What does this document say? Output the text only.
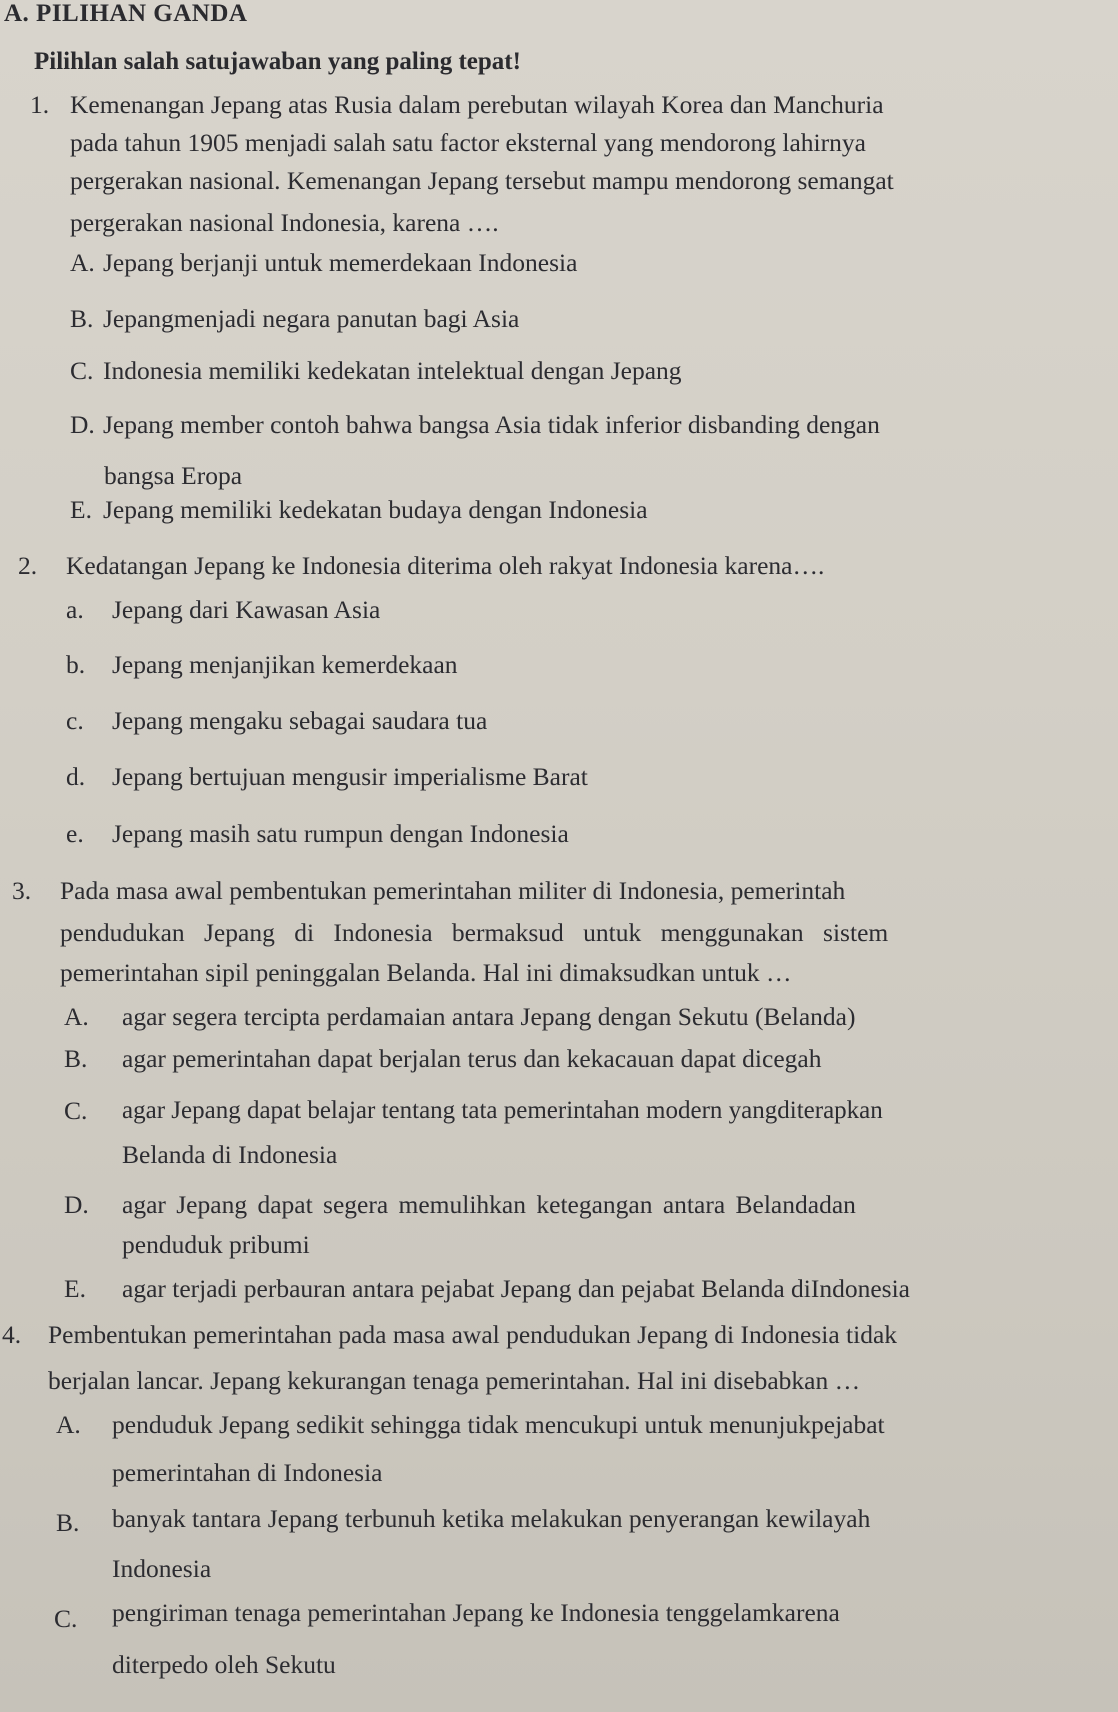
A. PILIHAN GANDA
Pilihlan salah satujawaban yang paling tepat!
1. Kemenangan Jepang atas Rusia dalam perebutan wilayah Korea dan Manchuria
pada tahun 1905 menjadi salah satu factor eksternal yang mendorong lahirnya
pergerakan nasional. Kemenangan Jepang tersebut mampu mendorong semangat
pergerakan nasional Indonesia, karena ….
A. Jepang berjanji untuk memerdekaan Indonesia
B. Jepangmenjadi negara panutan bagi Asia
C. Indonesia memiliki kedekatan intelektual dengan Jepang
D. Jepang member contoh bahwa bangsa Asia tidak inferior disbanding dengan
bangsa Eropa
E. Jepang memiliki kedekatan budaya dengan Indonesia
2. Kedatangan Jepang ke Indonesia diterima oleh rakyat Indonesia karena….
a. Jepang dari Kawasan Asia
b. Jepang menjanjikan kemerdekaan
c. Jepang mengaku sebagai saudara tua
d. Jepang bertujuan mengusir imperialisme Barat
e. Jepang masih satu rumpun dengan Indonesia
3. Pada masa awal pembentukan pemerintahan militer di Indonesia, pemerintah
pendudukan Jepang di Indonesia bermaksud untuk menggunakan sistem
pemerintahan sipil peninggalan Belanda. Hal ini dimaksudkan untuk …
A. agar segera tercipta perdamaian antara Jepang dengan Sekutu (Belanda)
B. agar pemerintahan dapat berjalan terus dan kekacauan dapat dicegah
C. agar Jepang dapat belajar tentang tata pemerintahan modern yangditerapkan
Belanda di Indonesia
D. agar Jepang dapat segera memulihkan ketegangan antara Belandadan
penduduk pribumi
E. agar terjadi perbauran antara pejabat Jepang dan pejabat Belanda diIndonesia
4. Pembentukan pemerintahan pada masa awal pendudukan Jepang di Indonesia tidak
berjalan lancar. Jepang kekurangan tenaga pemerintahan. Hal ini disebabkan …
A. penduduk Jepang sedikit sehingga tidak mencukupi untuk menunjukpejabat
pemerintahan di Indonesia
B. banyak tantara Jepang terbunuh ketika melakukan penyerangan kewilayah
Indonesia
C. pengiriman tenaga pemerintahan Jepang ke Indonesia tenggelamkarena
diterpedo oleh Sekutu
